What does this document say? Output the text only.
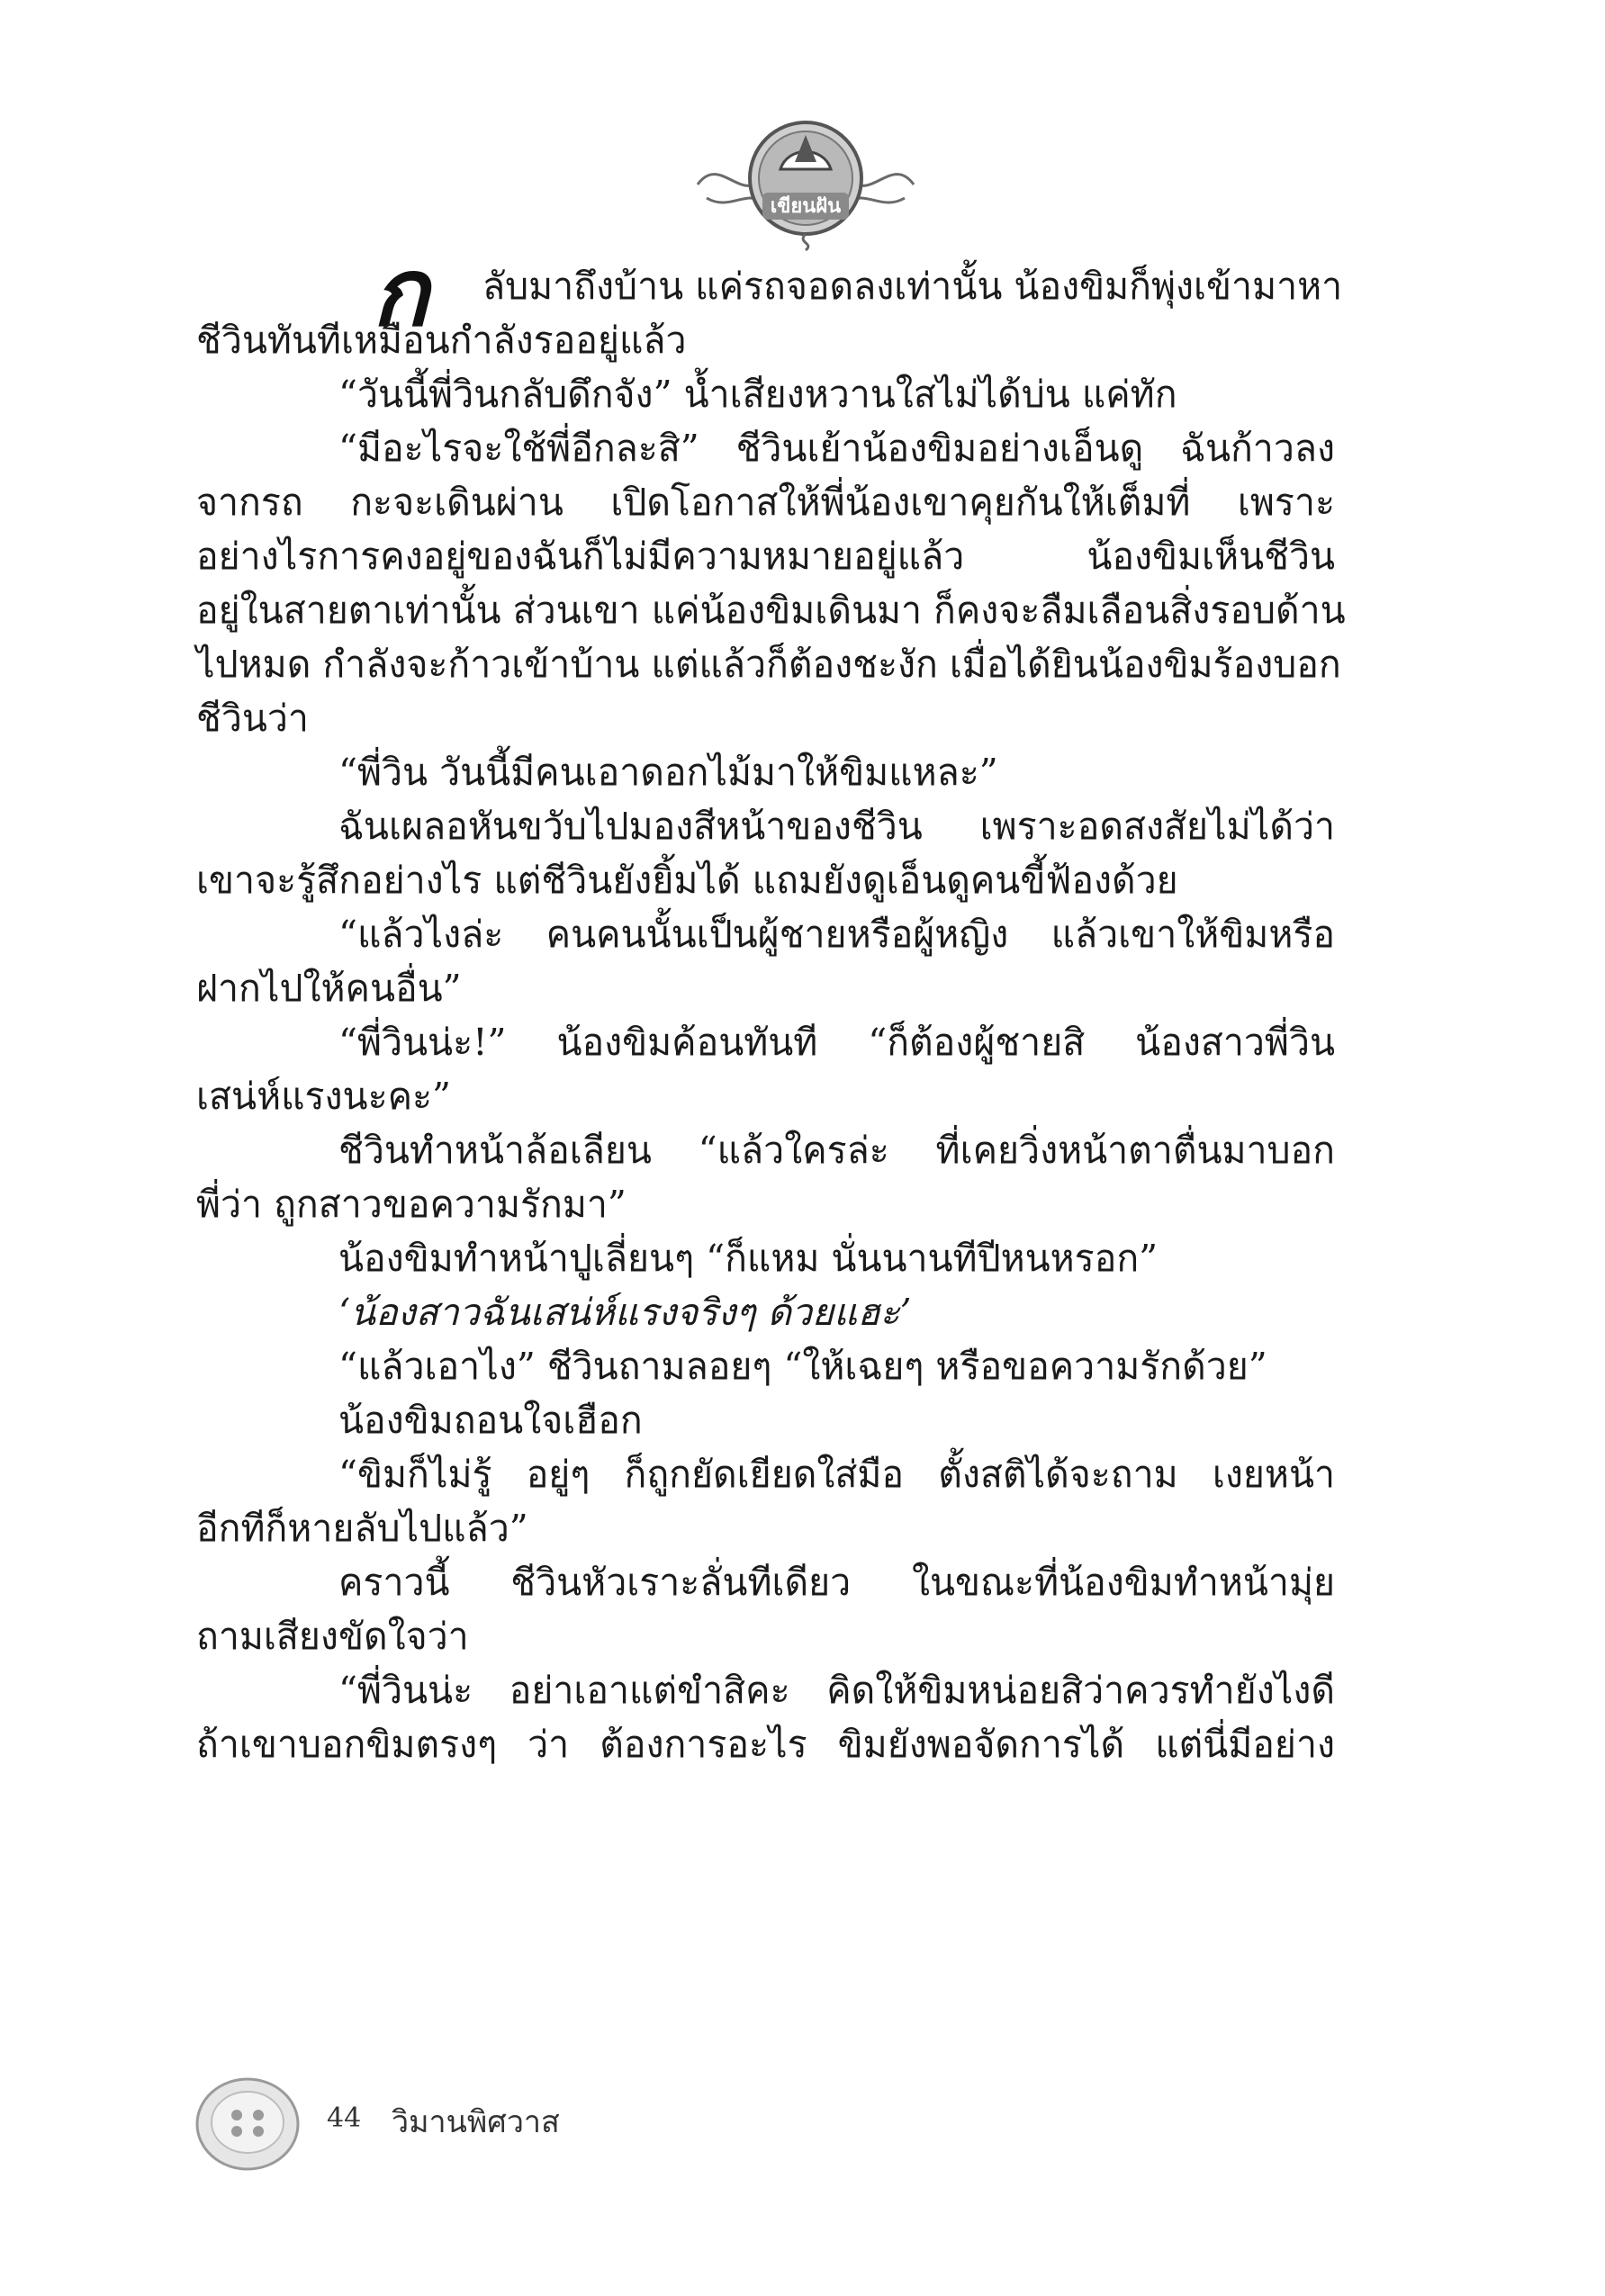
เขียนฝัน
ก ลับมาถึงบ้าน แค่รถจอดลงเท่านั้น น้องขิมก็พุ่งเข้ามาหา
ชีวินทันทีเหมือนกำลังรออยู่แล้ว
“วันนี้พี่วินกลับดึกจัง” น้ำเสียงหวานใสไม่ได้บ่น แค่ทัก
“มีอะไรจะใช้พี่อีกละสิ” ชีวินเย้าน้องขิมอย่างเอ็นดู ฉันก้าวลง
จากรถ กะจะเดินผ่าน เปิดโอกาสให้พี่น้องเขาคุยกันให้เต็มที่ เพราะ
อย่างไรการคงอยู่ของฉันก็ไม่มีความหมายอยู่แล้ว น้องขิมเห็นชีวิน
อยู่ในสายตาเท่านั้น ส่วนเขา แค่น้องขิมเดินมา ก็คงจะลืมเลือนสิ่งรอบด้าน
ไปหมด กำลังจะก้าวเข้าบ้าน แต่แล้วก็ต้องชะงัก เมื่อได้ยินน้องขิมร้องบอก
ชีวินว่า
“พี่วิน วันนี้มีคนเอาดอกไม้มาให้ขิมแหละ”
ฉันเผลอหันขวับไปมองสีหน้าของชีวิน เพราะอดสงสัยไม่ได้ว่า
เขาจะรู้สึกอย่างไร แต่ชีวินยังยิ้มได้ แถมยังดูเอ็นดูคนขี้ฟ้องด้วย
“แล้วไงล่ะ คนคนนั้นเป็นผู้ชายหรือผู้หญิง แล้วเขาให้ขิมหรือ
ฝากไปให้คนอื่น”
“พี่วินน่ะ!” น้องขิมค้อนทันที “ก็ต้องผู้ชายสิ น้องสาวพี่วิน
เสน่ห์แรงนะคะ”
ชีวินทำหน้าล้อเลียน “แล้วใครล่ะ ที่เคยวิ่งหน้าตาตื่นมาบอก
พี่ว่า ถูกสาวขอความรักมา”
น้องขิมทำหน้าปูเลี่ยนๆ “ก็แหม นั่นนานทีปีหนหรอก”
‘น้องสาวฉันเสน่ห์แรงจริงๆ ด้วยแฮะ’
“แล้วเอาไง” ชีวินถามลอยๆ “ให้เฉยๆ หรือขอความรักด้วย”
น้องขิมถอนใจเฮือก
“ขิมก็ไม่รู้ อยู่ๆ ก็ถูกยัดเยียดใส่มือ ตั้งสติได้จะถาม เงยหน้า
อีกทีก็หายลับไปแล้ว”
คราวนี้ ชีวินหัวเราะลั่นทีเดียว ในขณะที่น้องขิมทำหน้ามุ่ย
ถามเสียงขัดใจว่า
“พี่วินน่ะ อย่าเอาแต่ขำสิคะ คิดให้ขิมหน่อยสิว่าควรทำยังไงดี
ถ้าเขาบอกขิมตรงๆ ว่า ต้องการอะไร ขิมยังพอจัดการได้ แต่นี่มีอย่าง
44 วิมานพิศวาส
